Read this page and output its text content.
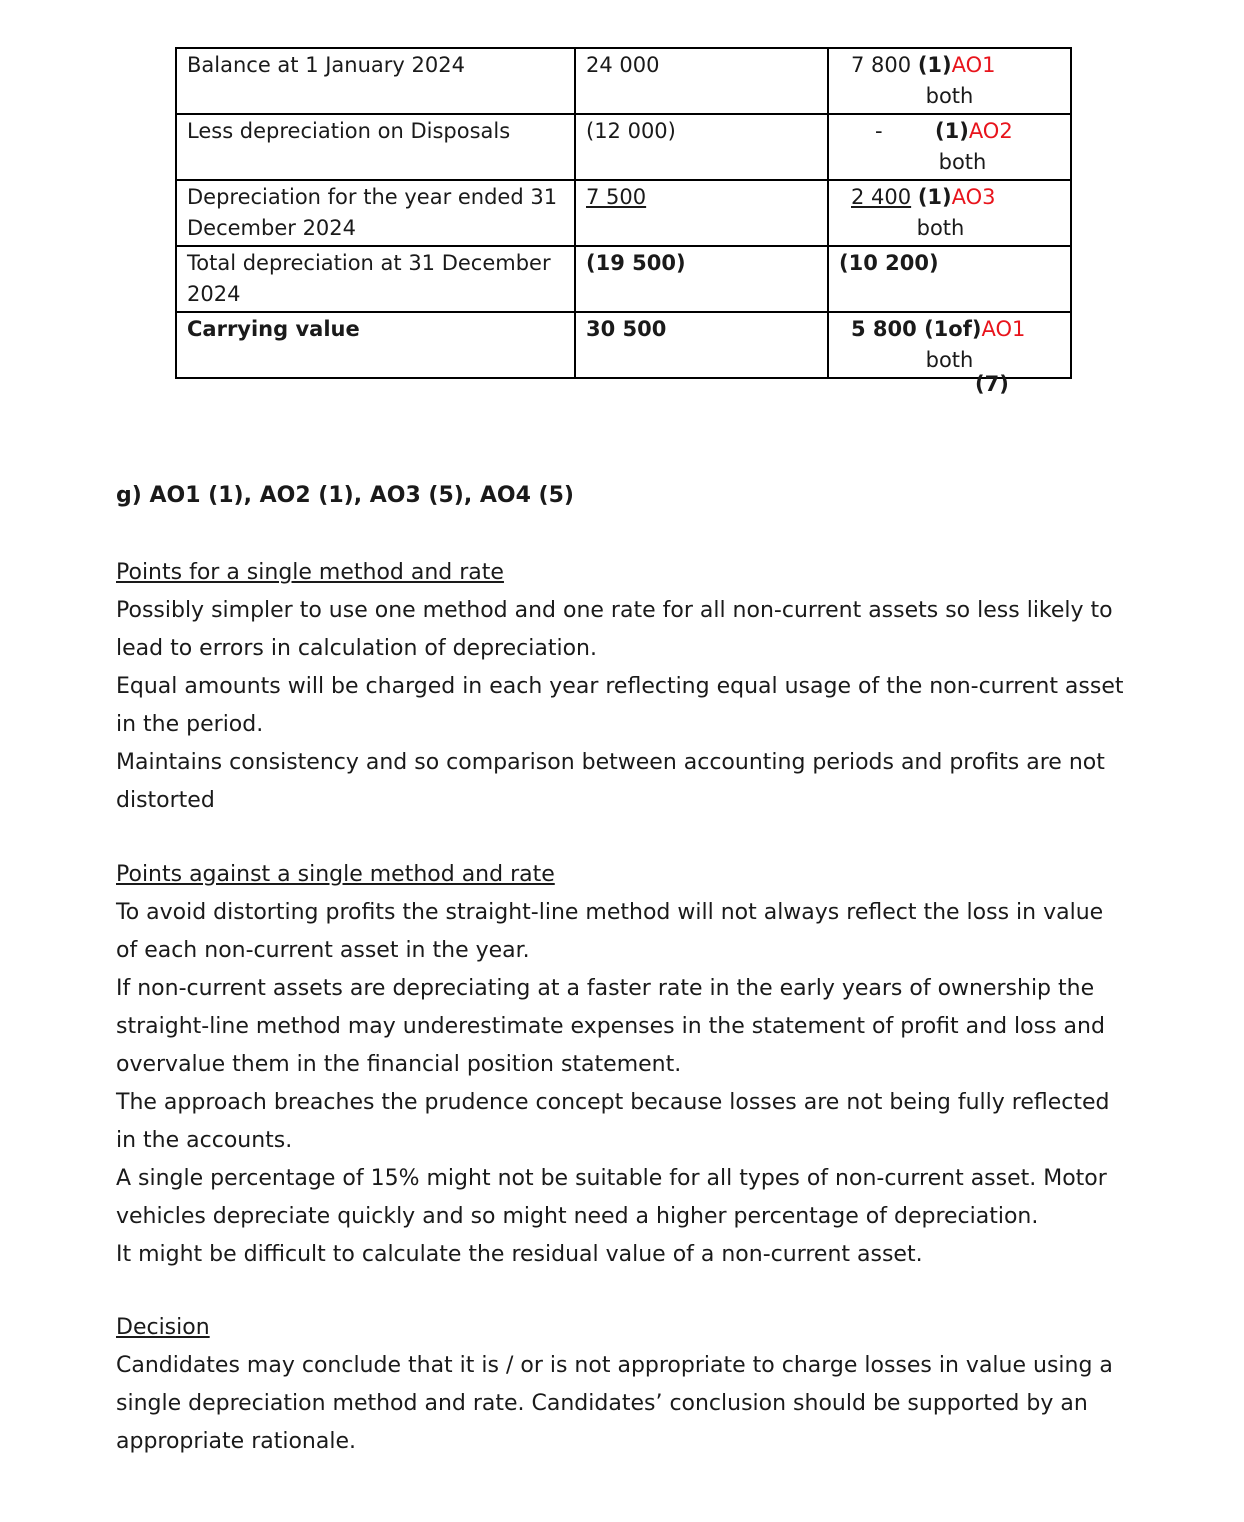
Balance at 1 January 2024	24 000	7 800 (1)AO1
both

Less depreciation on Disposals	(12 000)	- (1)AO2
both

Depreciation for the year ended 31 December 2024	7 500	2 400 (1)AO3
both

Total depreciation at 31 December 2024	(19 500)	(10 200)
Carrying value	30 500	5 800 (1of)AO1
both
(7)
g) AO1 (1), AO2 (1), AO3 (5), AO4 (5)

Points for a single method and rate

Possibly simpler to use one method and one rate for all non-current assets so less likely to lead to errors in calculation of depreciation.

Equal amounts will be charged in each year reflecting equal usage of the non-current asset in the period.

Maintains consistency and so comparison between accounting periods and profits are not distorted

Points against a single method and rate

To avoid distorting profits the straight-line method will not always reflect the loss in value of each non-current asset in the year.

If non-current assets are depreciating at a faster rate in the early years of ownership the straight-line method may underestimate expenses in the statement of profit and loss and overvalue them in the financial position statement.

The approach breaches the prudence concept because losses are not being fully reflected in the accounts.

A single percentage of 15% might not be suitable for all types of non-current asset. Motor vehicles depreciate quickly and so might need a higher percentage of depreciation.

It might be difficult to calculate the residual value of a non-current asset.

Decision

Candidates may conclude that it is / or is not appropriate to charge losses in value using a single depreciation method and rate. Candidates’ conclusion should be supported by an appropriate rationale.
